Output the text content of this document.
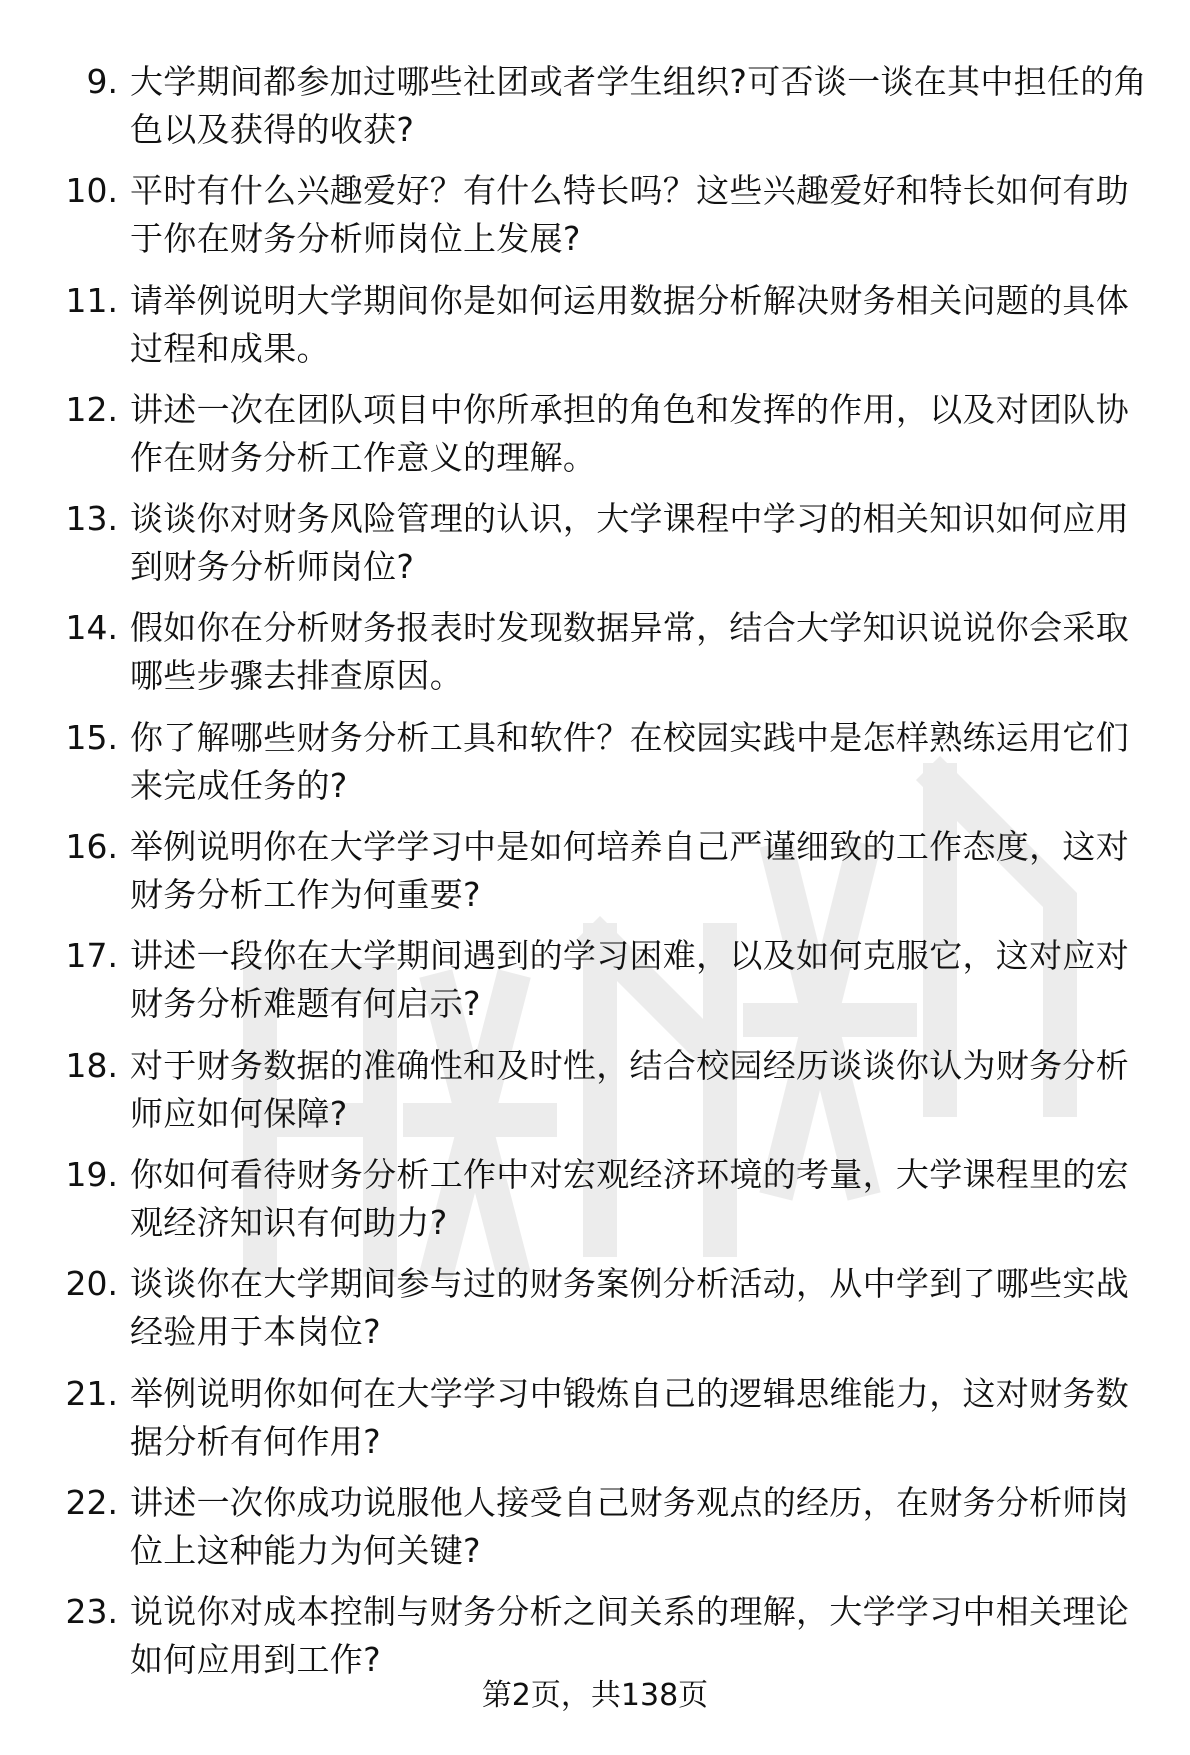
9. 大学期间都参加过哪些社团或者学生组织?可否谈一谈在其中担任的角色以及获得的收获?
10. 平时有什么兴趣爱好？有什么特长吗？这些兴趣爱好和特长如何有助于你在财务分析师岗位上发展?
11. 请举例说明大学期间你是如何运用数据分析解决财务相关问题的具体过程和成果。
12. 讲述一次在团队项目中你所承担的角色和发挥的作用，以及对团队协作在财务分析工作意义的理解。
13. 谈谈你对财务风险管理的认识，大学课程中学习的相关知识如何应用到财务分析师岗位?
14. 假如你在分析财务报表时发现数据异常，结合大学知识说说你会采取哪些步骤去排查原因。
15. 你了解哪些财务分析工具和软件？在校园实践中是怎样熟练运用它们来完成任务的?
16. 举例说明你在大学学习中是如何培养自己严谨细致的工作态度，这对财务分析工作为何重要?
17. 讲述一段你在大学期间遇到的学习困难，以及如何克服它，这对应对财务分析难题有何启示?
18. 对于财务数据的准确性和及时性，结合校园经历谈谈你认为财务分析师应如何保障?
19. 你如何看待财务分析工作中对宏观经济环境的考量，大学课程里的宏观经济知识有何助力?
20. 谈谈你在大学期间参与过的财务案例分析活动，从中学到了哪些实战经验用于本岗位?
21. 举例说明你如何在大学学习中锻炼自己的逻辑思维能力，这对财务数据分析有何作用?
22. 讲述一次你成功说服他人接受自己财务观点的经历，在财务分析师岗位上这种能力为何关键?
23. 说说你对成本控制与财务分析之间关系的理解，大学学习中相关理论如何应用到工作?
第2页，共138页
